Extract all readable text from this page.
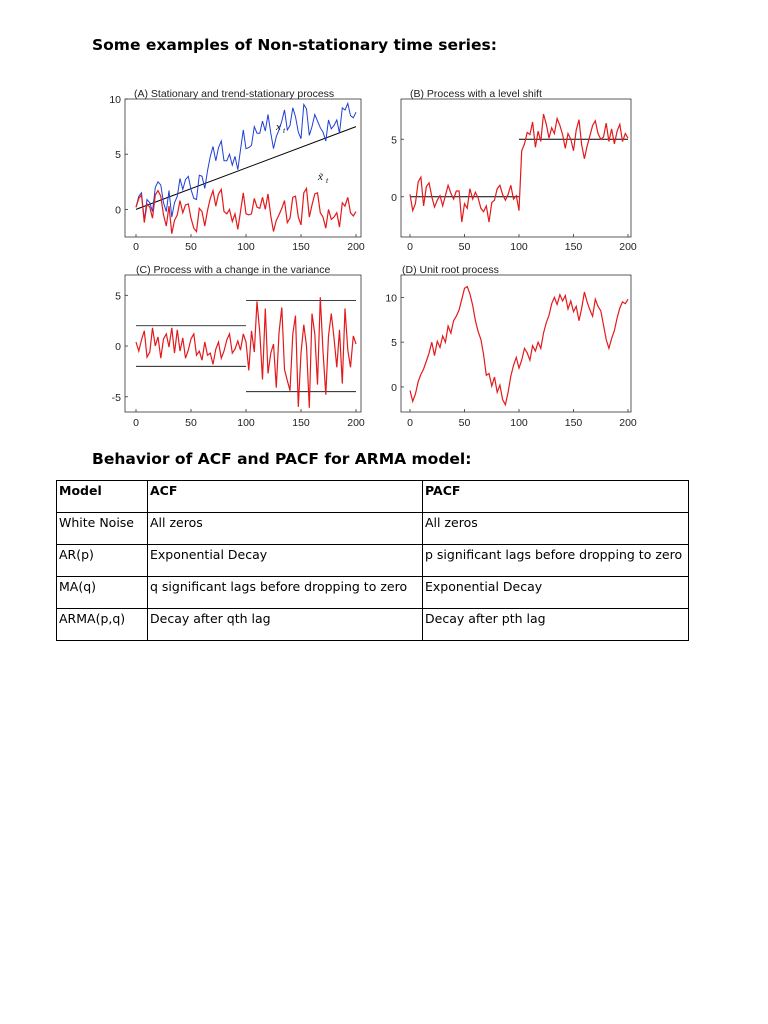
Some examples of Non-stationary time series:
(A) Stationary and trend-stationary process
0	50	100	150	200
0
5
10
x t
x̃ t
(B) Process with a level shift
0	50	100	150	200
0
5
(C) Process with a change in the variance
0	50	100	150	200
-5
0
5
(D) Unit root process
0	50	100	150	200
0
5
10
Behavior of ACF and PACF for ARMA model:
Model	ACF	PACF
White Noise	All zeros	All zeros
AR(p)	Exponential Decay	p significant lags before dropping to zero
MA(q)	q significant lags before dropping to zero	Exponential Decay
ARMA(p,q)	Decay after qth lag	Decay after pth lag
